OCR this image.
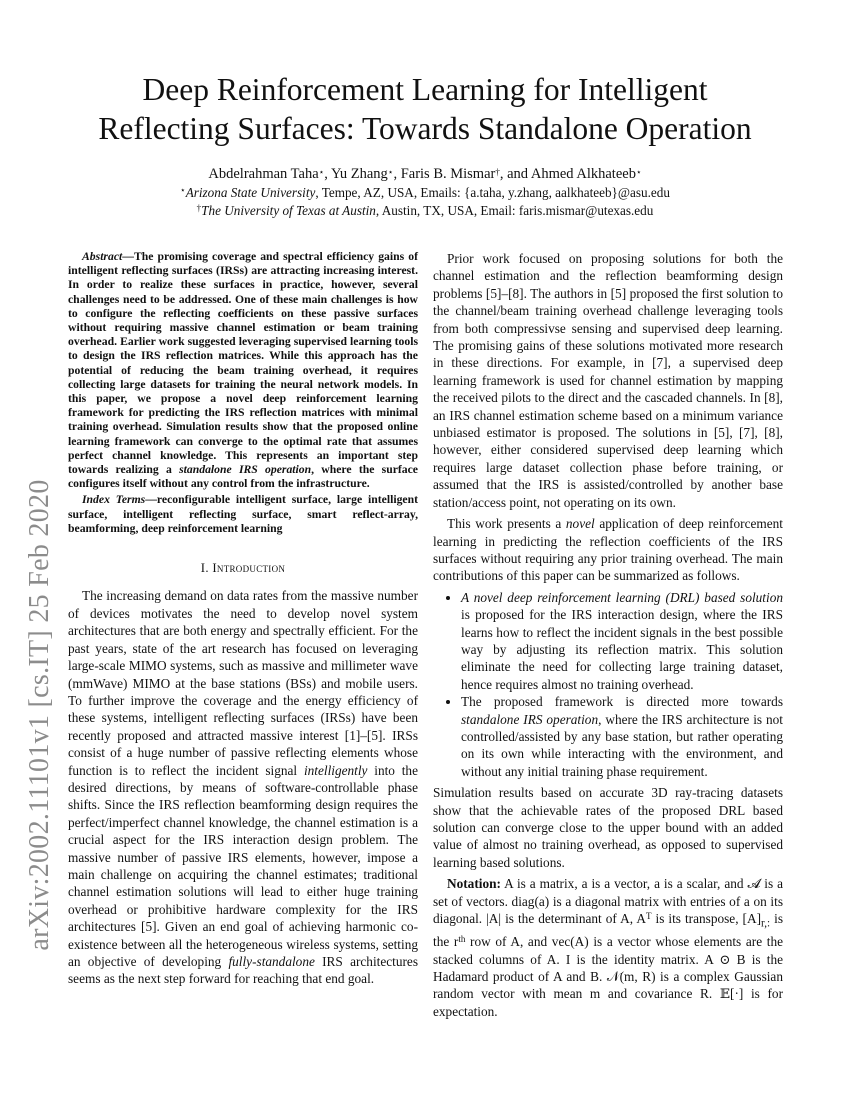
arXiv:2002.11101v1 [cs.IT] 25 Feb 2020
Deep Reinforcement Learning for Intelligent
Reflecting Surfaces: Towards Standalone Operation
Abdelrahman Taha⋆, Yu Zhang⋆, Faris B. Mismar†, and Ahmed Alkhateeb⋆
⋆Arizona State University, Tempe, AZ, USA, Emails: {a.taha, y.zhang, aalkhateeb}@asu.edu
†The University of Texas at Austin, Austin, TX, USA, Email: faris.mismar@utexas.edu

Abstract—The promising coverage and spectral efficiency gains of intelligent reflecting surfaces (IRSs) are attracting increasing interest. In order to realize these surfaces in practice, however, several challenges need to be addressed. One of these main challenges is how to configure the reflecting coefficients on these passive surfaces without requiring massive channel estimation or beam training overhead. Earlier work suggested leveraging supervised learning tools to design the IRS reflection matrices. While this approach has the potential of reducing the beam training overhead, it requires collecting large datasets for training the neural network models. In this paper, we propose a novel deep reinforcement learning framework for predicting the IRS reflection matrices with minimal training overhead. Simulation results show that the proposed online learning framework can converge to the optimal rate that assumes perfect channel knowledge. This represents an important step towards realizing a standalone IRS operation, where the surface configures itself without any control from the infrastructure.

Index Terms—reconfigurable intelligent surface, large intelligent surface, intelligent reflecting surface, smart reflect-array, beamforming, deep reinforcement learning

I. Introduction

The increasing demand on data rates from the massive number of devices motivates the need to develop novel system architectures that are both energy and spectrally efficient. For the past years, state of the art research has focused on leveraging large-scale MIMO systems, such as massive and millimeter wave (mmWave) MIMO at the base stations (BSs) and mobile users. To further improve the coverage and the energy efficiency of these systems, intelligent reflecting surfaces (IRSs) have been recently proposed and attracted massive interest [1]–[5]. IRSs consist of a huge number of passive reflecting elements whose function is to reflect the incident signal intelligently into the desired directions, by means of software-controllable phase shifts. Since the IRS reflection beamforming design requires the perfect/imperfect channel knowledge, the channel estimation is a crucial aspect for the IRS interaction design problem. The massive number of passive IRS elements, however, impose a main challenge on acquiring the channel estimates; traditional channel estimation solutions will lead to either huge training overhead or prohibitive hardware complexity for the IRS architectures [5]. Given an end goal of achieving harmonic co-existence between all the heterogeneous wireless systems, setting an objective of developing fully-standalone IRS architectures seems as the next step forward for reaching that end goal.

Prior work focused on proposing solutions for both the channel estimation and the reflection beamforming design problems [5]–[8]. The authors in [5] proposed the first solution to the channel/beam training overhead challenge leveraging tools from both compressivse sensing and supervised deep learning. The promising gains of these solutions motivated more research in these directions. For example, in [7], a supervised deep learning framework is used for channel estimation by mapping the received pilots to the direct and the cascaded channels. In [8], an IRS channel estimation scheme based on a minimum variance unbiased estimator is proposed. The solutions in [5], [7], [8], however, either considered supervised deep learning which requires large dataset collection phase before training, or assumed that the IRS is assisted/controlled by another base station/access point, not operating on its own.

This work presents a novel application of deep reinforcement learning in predicting the reflection coefficients of the IRS surfaces without requiring any prior training overhead. The main contributions of this paper can be summarized as follows.

• A novel deep reinforcement learning (DRL) based solution is proposed for the IRS interaction design, where the IRS learns how to reflect the incident signals in the best possible way by adjusting its reflection matrix. This solution eliminate the need for collecting large training dataset, hence requires almost no training overhead.
• The proposed framework is directed more towards standalone IRS operation, where the IRS architecture is not controlled/assisted by any base station, but rather operating on its own while interacting with the environment, and without any initial training phase requirement.

Simulation results based on accurate 3D ray-tracing datasets show that the achievable rates of the proposed DRL based solution can converge close to the upper bound with an added value of almost no training overhead, as opposed to supervised learning based solutions.

Notation: A is a matrix, a is a vector, a is a scalar, and 𝓐 is a set of vectors. diag(a) is a diagonal matrix with entries of a on its diagonal. |A| is the determinant of A, $A^T$ is its transpose, $[A]_{r,:}$ is the $r^{th}$ row of A, and vec(A) is a vector whose elements are the stacked columns of A. I is the identity matrix. A ⊙ B is the Hadamard product of A and B. 𝒩(m, R) is a complex Gaussian random vector with mean m and covariance R. 𝔼[·] is for expectation.
